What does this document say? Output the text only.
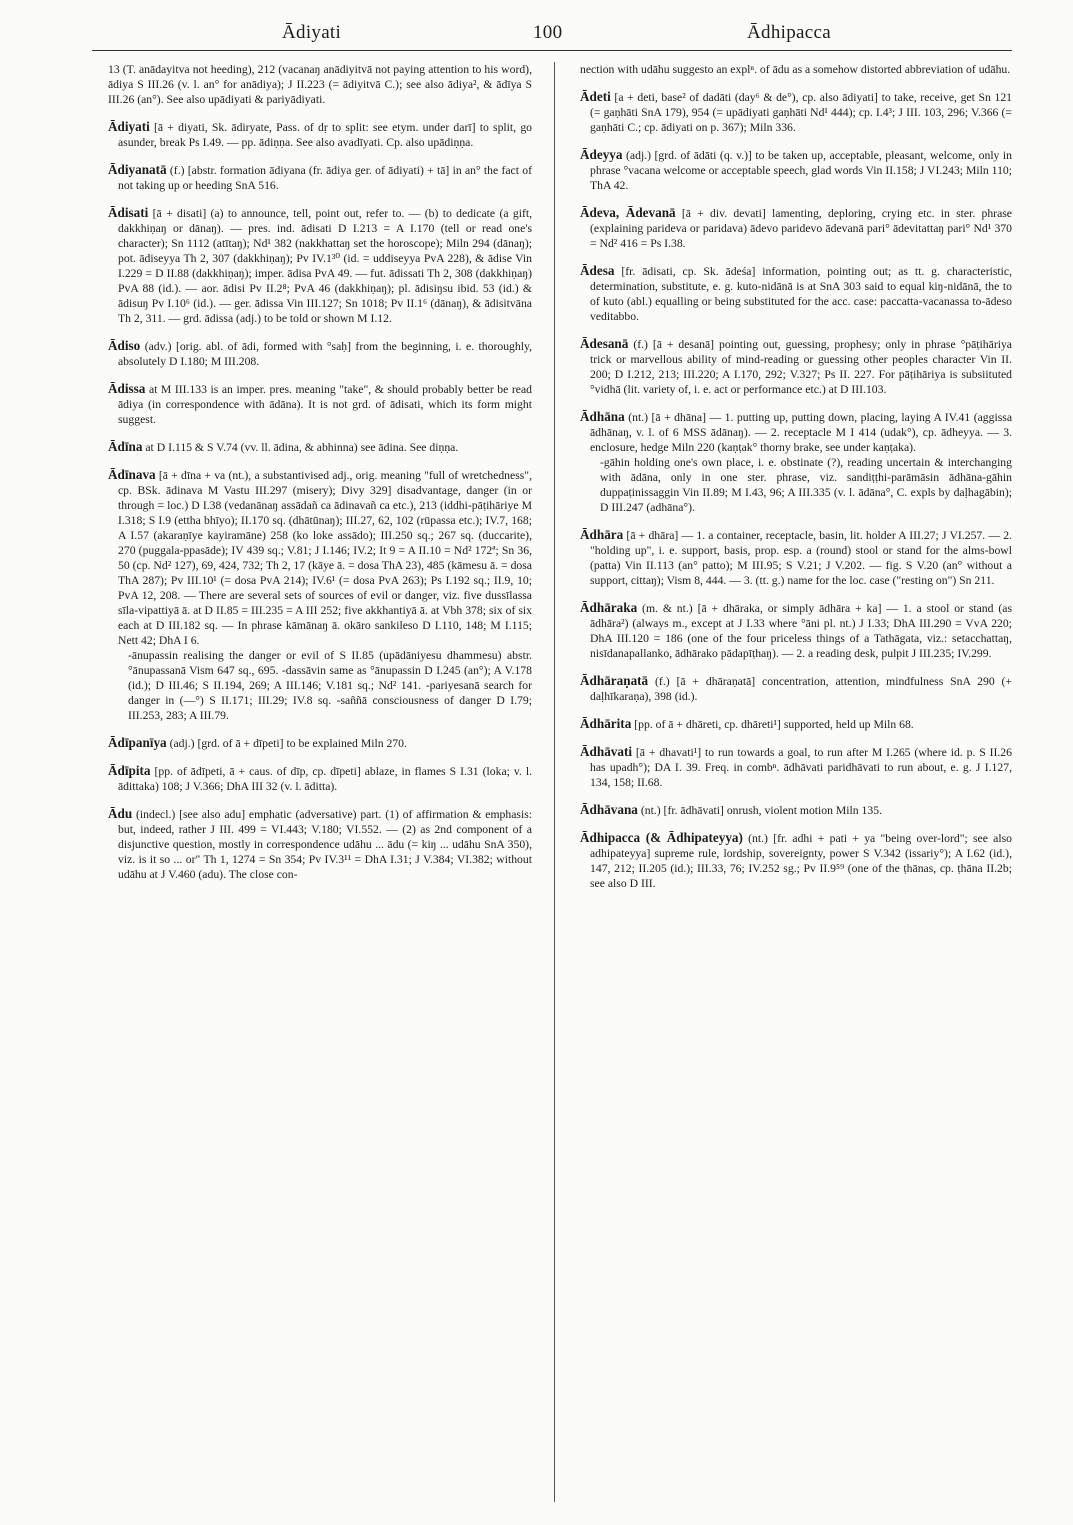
Ādiyati	100	Ādhipacca

13 (T. anādayitva not heeding), 212 (vacanaŋ anādiyitvā not paying attention to his word), ādiya S III.26 (v. l. an° for anādiya); J II.223 (= ādiyitvā C.); see also ādiya², & ādīya S III.26 (an°). See also upādiyati & pariyādiyati.

Ādiyati [ā + diyati, Sk. ādiryate, Pass. of dṛ to split: see etym. under darī] to split, go asunder, break Ps I.49. — pp. ādiṇṇa. See also avadīyati. Cp. also upādiṇṇa.

Ādiyanatā (f.) [abstr. formation ādiyana (fr. ādiya ger. of ādiyati) + tā] in an° the fact of not taking up or heeding SnA 516.

Ādisati [ā + disati] (a) to announce, tell, point out, refer to. — (b) to dedicate (a gift, dakkhiṇaŋ or dānaŋ). — pres. ind. ādisati D I.213 = A I.170 (tell or read one's character); Sn 1112 (atītaŋ); Nd¹ 382 (nakkhattaŋ set the horoscope); Miln 294 (dānaŋ); pot. ādiseyya Th 2, 307 (dakkhiṇaŋ); Pv IV.1³⁰ (id. = uddiseyya PvA 228), & ādise Vin I.229 = D II.88 (dakkhiṇaŋ); imper. ādisa PvA 49. — fut. ādissati Th 2, 308 (dakkhiṇaŋ) PvA 88 (id.). — aor. ādisi Pv II.2⁸; PvA 46 (dakkhiṇaŋ); pl. ādisiŋsu ibid. 53 (id.) & ādisuŋ Pv I.10⁶ (id.). — ger. ādissa Vin III.127; Sn 1018; Pv II.1⁶ (dānaŋ), & ādisitvāna Th 2, 311. — grd. ādissa (adj.) to be told or shown M I.12.

Ādiso (adv.) [orig. abl. of ādi, formed with °saḥ] from the beginning, i. e. thoroughly, absolutely D I.180; M III.208.

Ādissa at M III.133 is an imper. pres. meaning "take", & should probably better be read ādiya (in correspondence with ādāna). It is not grd. of ādisati, which its form might suggest.

Ādīna at D I.115 & S V.74 (vv. ll. ādina, & abhinna) see ādina. See diṇṇa.

Ādīnava [ā + dīna + va (nt.), a substantivised adj., orig. meaning "full of wretchedness", cp. BSk. ādinava M Vastu III.297 (misery); Divy 329] disadvantage, danger (in or through = loc.) D I.38 (vedanānaŋ assādañ ca ādinavañ ca etc.), 213 (iddhi-pāṭihāriye M I.318; S I.9 (ettha bhīyo); II.170 sq. (dhātūnaŋ); III.27, 62, 102 (rūpassa etc.); IV.7, 168; A I.57 (akaraṇīye kayiramāne) 258 (ko loke assādo); III.250 sq.; 267 sq. (duccarite), 270 (puggala-ppasāde); IV 439 sq.; V.81; J I.146; IV.2; It 9 = A II.10 = Nd² 172ª; Sn 36, 50 (cp. Nd² 127), 69, 424, 732; Th 2, 17 (kāye ā. = dosa ThA 23), 485 (kāmesu ā. = dosa ThA 287); Pv III.10¹ (= dosa PvA 214); IV.6¹ (= dosa PvA 263); Ps I.192 sq.; II.9, 10; PvA 12, 208. — There are several sets of sources of evil or danger, viz. five dussīlassa sīla-vipattiyā ā. at D II.85 = III.235 = A III 252; five akkhantiyā ā. at Vbh 378; six of six each at D III.182 sq. — In phrase kāmānaŋ ā. okāro sankileso D I.110, 148; M I.115; Nett 42; DhA I 6.
-ānupassin realising the danger or evil of S II.85 (upādāniyesu dhammesu) abstr. °ānupassanā Vism 647 sq., 695. -dassāvin same as °ānupassin D I.245 (an°); A V.178 (id.); D III.46; S II.194, 269; A III.146; V.181 sq.; Nd² 141. -pariyesanā search for danger in (—°) S II.171; III.29; IV.8 sq. -saññā consciousness of danger D I.79; III.253, 283; A III.79.

Ādīpanīya (adj.) [grd. of ā + dīpeti] to be explained Miln 270.

Ādīpita [pp. of ādīpeti, ā + caus. of dīp, cp. dīpeti] ablaze, in flames S I.31 (loka; v. l. ādittaka) 108; J V.366; DhA III 32 (v. l. āditta).

Ādu (indecl.) [see also adu] emphatic (adversative) part. (1) of affirmation & emphasis: but, indeed, rather J III. 499 = VI.443; V.180; VI.552. — (2) as 2nd component of a disjunctive question, mostly in correspondence udāhu ... ādu (= kiŋ ... udāhu SnA 350), viz. is it so ... or" Th 1, 1274 = Sn 354; Pv IV.3¹¹ = DhA I.31; J V.384; VI.382; without udāhu at J V.460 (adu). The close con-

nection with udāhu suggesto an explⁿ. of ādu as a somehow distorted abbreviation of udāhu.

Ādeti [a + deti, base² of dadāti (day⁶ & de°), cp. also ādiyati] to take, receive, get Sn 121 (= gaṇhāti SnA 179), 954 (= upādiyati gaṇhāti Nd¹ 444); cp. I.4³; J III. 103, 296; V.366 (= gaṇhāti C.; cp. ādiyati on p. 367); Miln 336.

Ādeyya (adj.) [grd. of ādāti (q. v.)] to be taken up, acceptable, pleasant, welcome, only in phrase °vacana welcome or acceptable speech, glad words Vin II.158; J VI.243; Miln 110; ThA 42.

Ādeva, Ādevanā [ā + div. devati] lamenting, deploring, crying etc. in ster. phrase (explaining parideva or paridava) ādevo paridevo ādevanā pari° ādevitattaŋ pari° Nd¹ 370 = Nd² 416 = Ps I.38.

Ādesa [fr. ādisati, cp. Sk. ādeśa] information, pointing out; as tt. g. characteristic, determination, substitute, e. g. kuto-nidānā is at SnA 303 said to equal kiŋ-nidānā, the to of kuto (abl.) equalling or being substituted for the acc. case: paccatta-vacanassa to-ādeso veditabbo.

Ādesanā (f.) [ā + desanā] pointing out, guessing, prophesy; only in phrase °pāṭihāriya trick or marvellous ability of mind-reading or guessing other peoples character Vin II. 200; D I.212, 213; III.220; A I.170, 292; V.327; Ps II. 227. For pāṭihāriya is subsiituted °vidhā (lit. variety of, i. e. act or performance etc.) at D III.103.

Ādhāna (nt.) [ā + dhāna] — 1. putting up, putting down, placing, laying A IV.41 (aggissa ādhānaŋ, v. l. of 6 MSS ādānaŋ). — 2. receptacle M I 414 (udak°), cp. ādheyya. — 3. enclosure, hedge Miln 220 (kaṇṭak° thorny brake, see under kaṇṭaka).
-gāhin holding one's own place, i. e. obstinate (?), reading uncertain & interchanging with ādāna, only in one ster. phrase, viz. sandiṭṭhi-parāmāsin ādhāna-gāhin duppaṭinissaggin Vin II.89; M I.43, 96; A III.335 (v. l. ādāna°, C. expls by daḷhagābin); D III.247 (adhāna°).

Ādhāra [ā + dhāra] — 1. a container, receptacle, basin, lit. holder A III.27; J VI.257. — 2. "holding up", i. e. support, basis, prop. esp. a (round) stool or stand for the alms-bowl (patta) Vin II.113 (an° patto); M III.95; S V.21; J V.202. — fig. S V.20 (an° without a support, cittaŋ); Vism 8, 444. — 3. (tt. g.) name for the loc. case ("resting on") Sn 211.

Ādhāraka (m. & nt.) [ā + dhāraka, or simply ādhāra + ka] — 1. a stool or stand (as ādhāra²) (always m., except at J I.33 where °āni pl. nt.) J I.33; DhA III.290 = VvA 220; DhA III.120 = 186 (one of the four priceless things of a Tathāgata, viz.: setacchattaŋ, nisīdanapallanko, ādhārako pādapīṭhaŋ). — 2. a reading desk, pulpit J III.235; IV.299.

Ādhāraṇatā (f.) [ā + dhāraṇatā] concentration, attention, mindfulness SnA 290 (+ daḷhīkaraṇa), 398 (id.).

Ādhārita [pp. of ā + dhāreti, cp. dhāreti¹] supported, held up Miln 68.

Ādhāvati [ā + dhavati¹] to run towards a goal, to run after M I.265 (where id. p. S II.26 has upadh°); DA I. 39. Freq. in combⁿ. ādhāvati paridhāvati to run about, e. g. J I.127, 134, 158; II.68.

Ādhāvana (nt.) [fr. ādhāvati] onrush, violent motion Miln 135.

Ādhipacca (& Ādhipateyya) (nt.) [fr. adhi + pati + ya "being over-lord"; see also adhipateyya] supreme rule, lordship, sovereignty, power S V.342 (issariy°); A I.62 (id.), 147, 212; II.205 (id.); III.33, 76; IV.252 sg.; Pv II.9⁵⁹ (one of the ṭhānas, cp. ṭhāna II.2b; see also D III.
